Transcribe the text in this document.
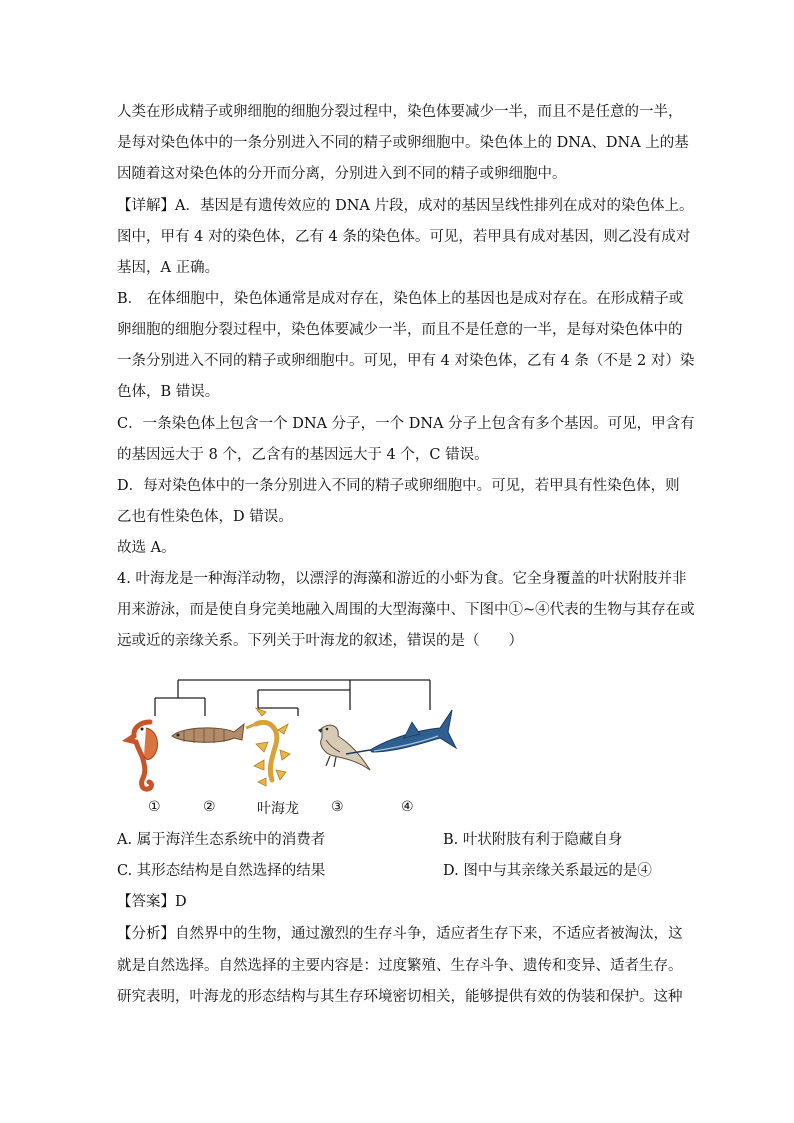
人类在形成精子或卵细胞的细胞分裂过程中，染色体要减少一半，而且不是任意的一半，
是每对染色体中的一条分别进入不同的精子或卵细胞中。染色体上的 DNA、DNA 上的基
因随着这对染色体的分开而分离，分别进入到不同的精子或卵细胞中。
【详解】A．基因是有遗传效应的 DNA 片段，成对的基因呈线性排列在成对的染色体上。
图中，甲有 4 对的染色体，乙有 4 条的染色体。可见，若甲具有成对基因，则乙没有成对
基因，A 正确。
B． 在体细胞中，染色体通常是成对存在，染色体上的基因也是成对存在。在形成精子或
卵细胞的细胞分裂过程中，染色体要减少一半，而且不是任意的一半，是每对染色体中的
一条分别进入不同的精子或卵细胞中。可见，甲有 4 对染色体，乙有 4 条（不是 2 对）染
色体，B 错误。
C．一条染色体上包含一个 DNA 分子，一个 DNA 分子上包含有多个基因。可见，甲含有
的基因远大于 8 个，乙含有的基因远大于 4 个，C 错误。
D．每对染色体中的一条分别进入不同的精子或卵细胞中。可见，若甲具有性染色体，则
乙也有性染色体，D 错误。
故选 A。
4. 叶海龙是一种海洋动物，以漂浮的海藻和游近的小虾为食。它全身覆盖的叶状附肢并非
用来游泳，而是使自身完美地融入周围的大型海藻中、下图中①~④代表的生物与其存在或
远或近的亲缘关系。下列关于叶海龙的叙述，错误的是（　　）
①	②	叶海龙 ③	④
A. 属于海洋生态系统中的消费者	B. 叶状附肢有利于隐藏自身
C. 其形态结构是自然选择的结果	D. 图中与其亲缘关系最远的是④
【答案】D
【分析】自然界中的生物，通过激烈的生存斗争，适应者生存下来，不适应者被淘汰，这
就是自然选择。自然选择的主要内容是：过度繁殖、生存斗争、遗传和变异、适者生存。
研究表明，叶海龙的形态结构与其生存环境密切相关，能够提供有效的伪装和保护。这种
